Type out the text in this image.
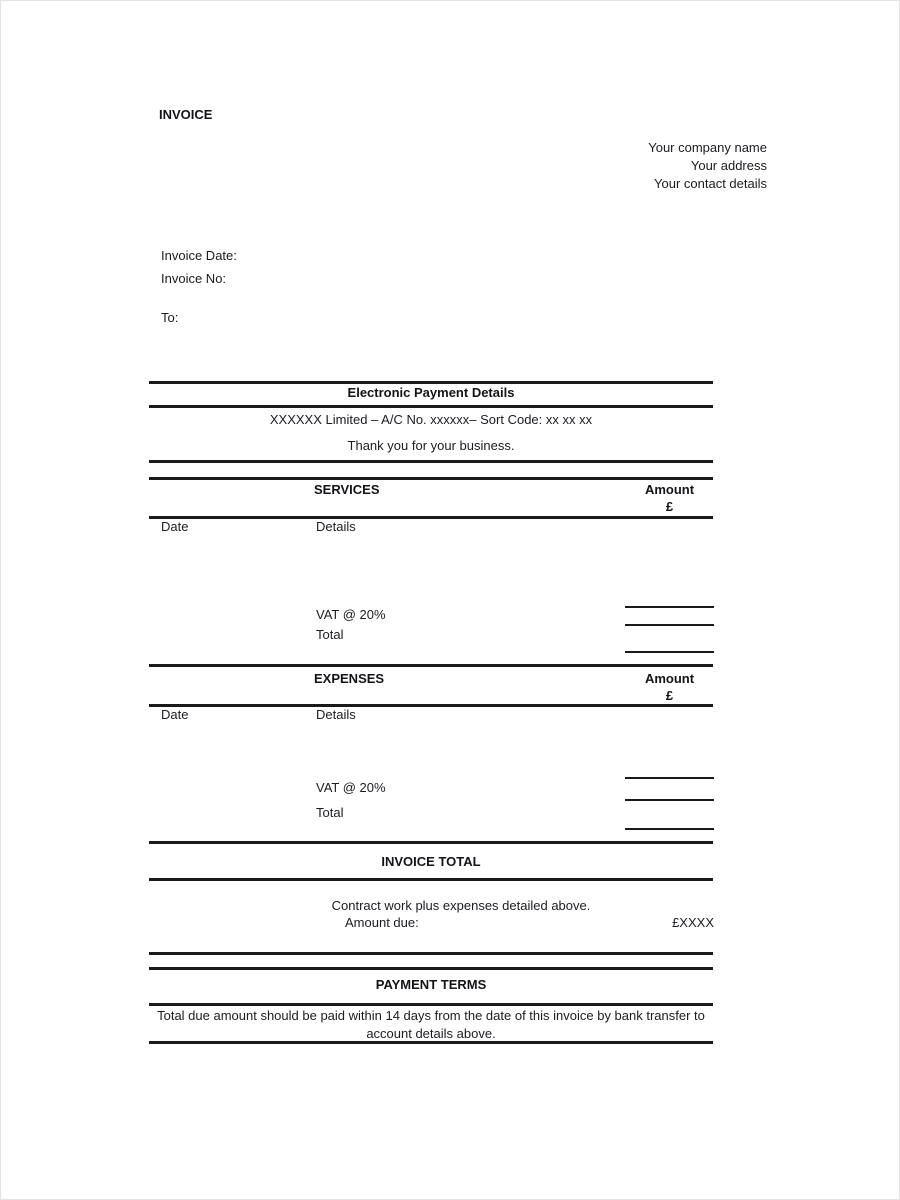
INVOICE
Your company name
Your address
Your contact details
Invoice Date:
Invoice No:
To:
Electronic Payment Details
XXXXXX Limited – A/C No. xxxxxx– Sort Code: xx xx xx
Thank you for your business.
SERVICES	Amount
£
Date	Details
VAT @ 20%
Total
EXPENSES	Amount
£
Date	Details
VAT @ 20%
Total
INVOICE TOTAL
Contract work plus expenses detailed above.
Amount due:	£XXXX
PAYMENT TERMS
Total due amount should be paid within 14 days from the date of this invoice by bank transfer to account details above.
